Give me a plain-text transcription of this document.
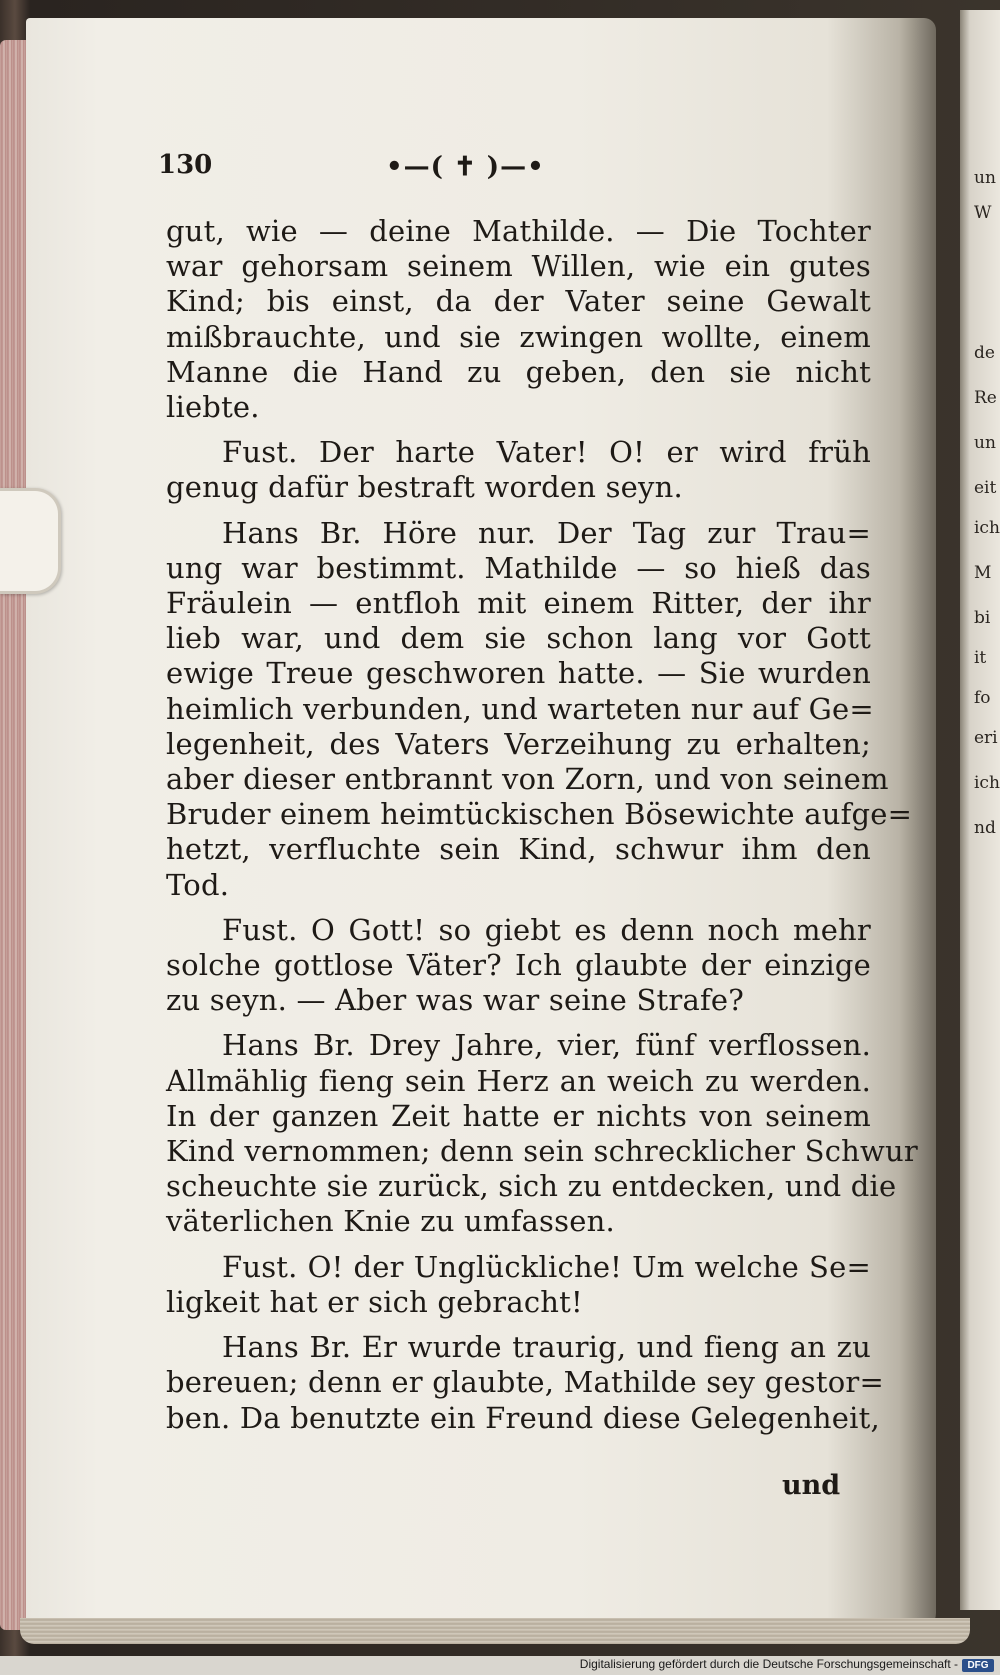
un
W
de
Re
un
eit
ich
M
bi
it
fo
eri
ich
nd
130	•—( ✝ )—•
gut, wie — deine Mathilde. — Die Tochter
war gehorsam seinem Willen, wie ein gutes
Kind; bis einst, da der Vater seine Gewalt
mißbrauchte, und sie zwingen wollte, einem
Manne die Hand zu geben, den sie nicht
liebte.
Fust. Der harte Vater! O! er wird früh
genug dafür bestraft worden seyn.
Hans Br. Höre nur. Der Tag zur Trau=
ung war bestimmt. Mathilde — so hieß das
Fräulein — entfloh mit einem Ritter, der ihr
lieb war, und dem sie schon lang vor Gott
ewige Treue geschworen hatte. — Sie wurden
heimlich verbunden, und warteten nur auf Ge=
legenheit, des Vaters Verzeihung zu erhalten;
aber dieser entbrannt von Zorn, und von seinem
Bruder einem heimtückischen Bösewichte aufge=
hetzt, verfluchte sein Kind, schwur ihm den
Tod.
Fust. O Gott! so giebt es denn noch mehr
solche gottlose Väter? Ich glaubte der einzige
zu seyn. — Aber was war seine Strafe?
Hans Br. Drey Jahre, vier, fünf verflossen.
Allmählig fieng sein Herz an weich zu werden.
In der ganzen Zeit hatte er nichts von seinem
Kind vernommen; denn sein schrecklicher Schwur
scheuchte sie zurück, sich zu entdecken, und die
väterlichen Knie zu umfassen.
Fust. O! der Unglückliche! Um welche Se=
ligkeit hat er sich gebracht!
Hans Br. Er wurde traurig, und fieng an zu
bereuen; denn er glaubte, Mathilde sey gestor=
ben. Da benutzte ein Freund diese Gelegenheit,
und
Digitalisierung gefördert durch die Deutsche Forschungsgemeinschaft - DFG
